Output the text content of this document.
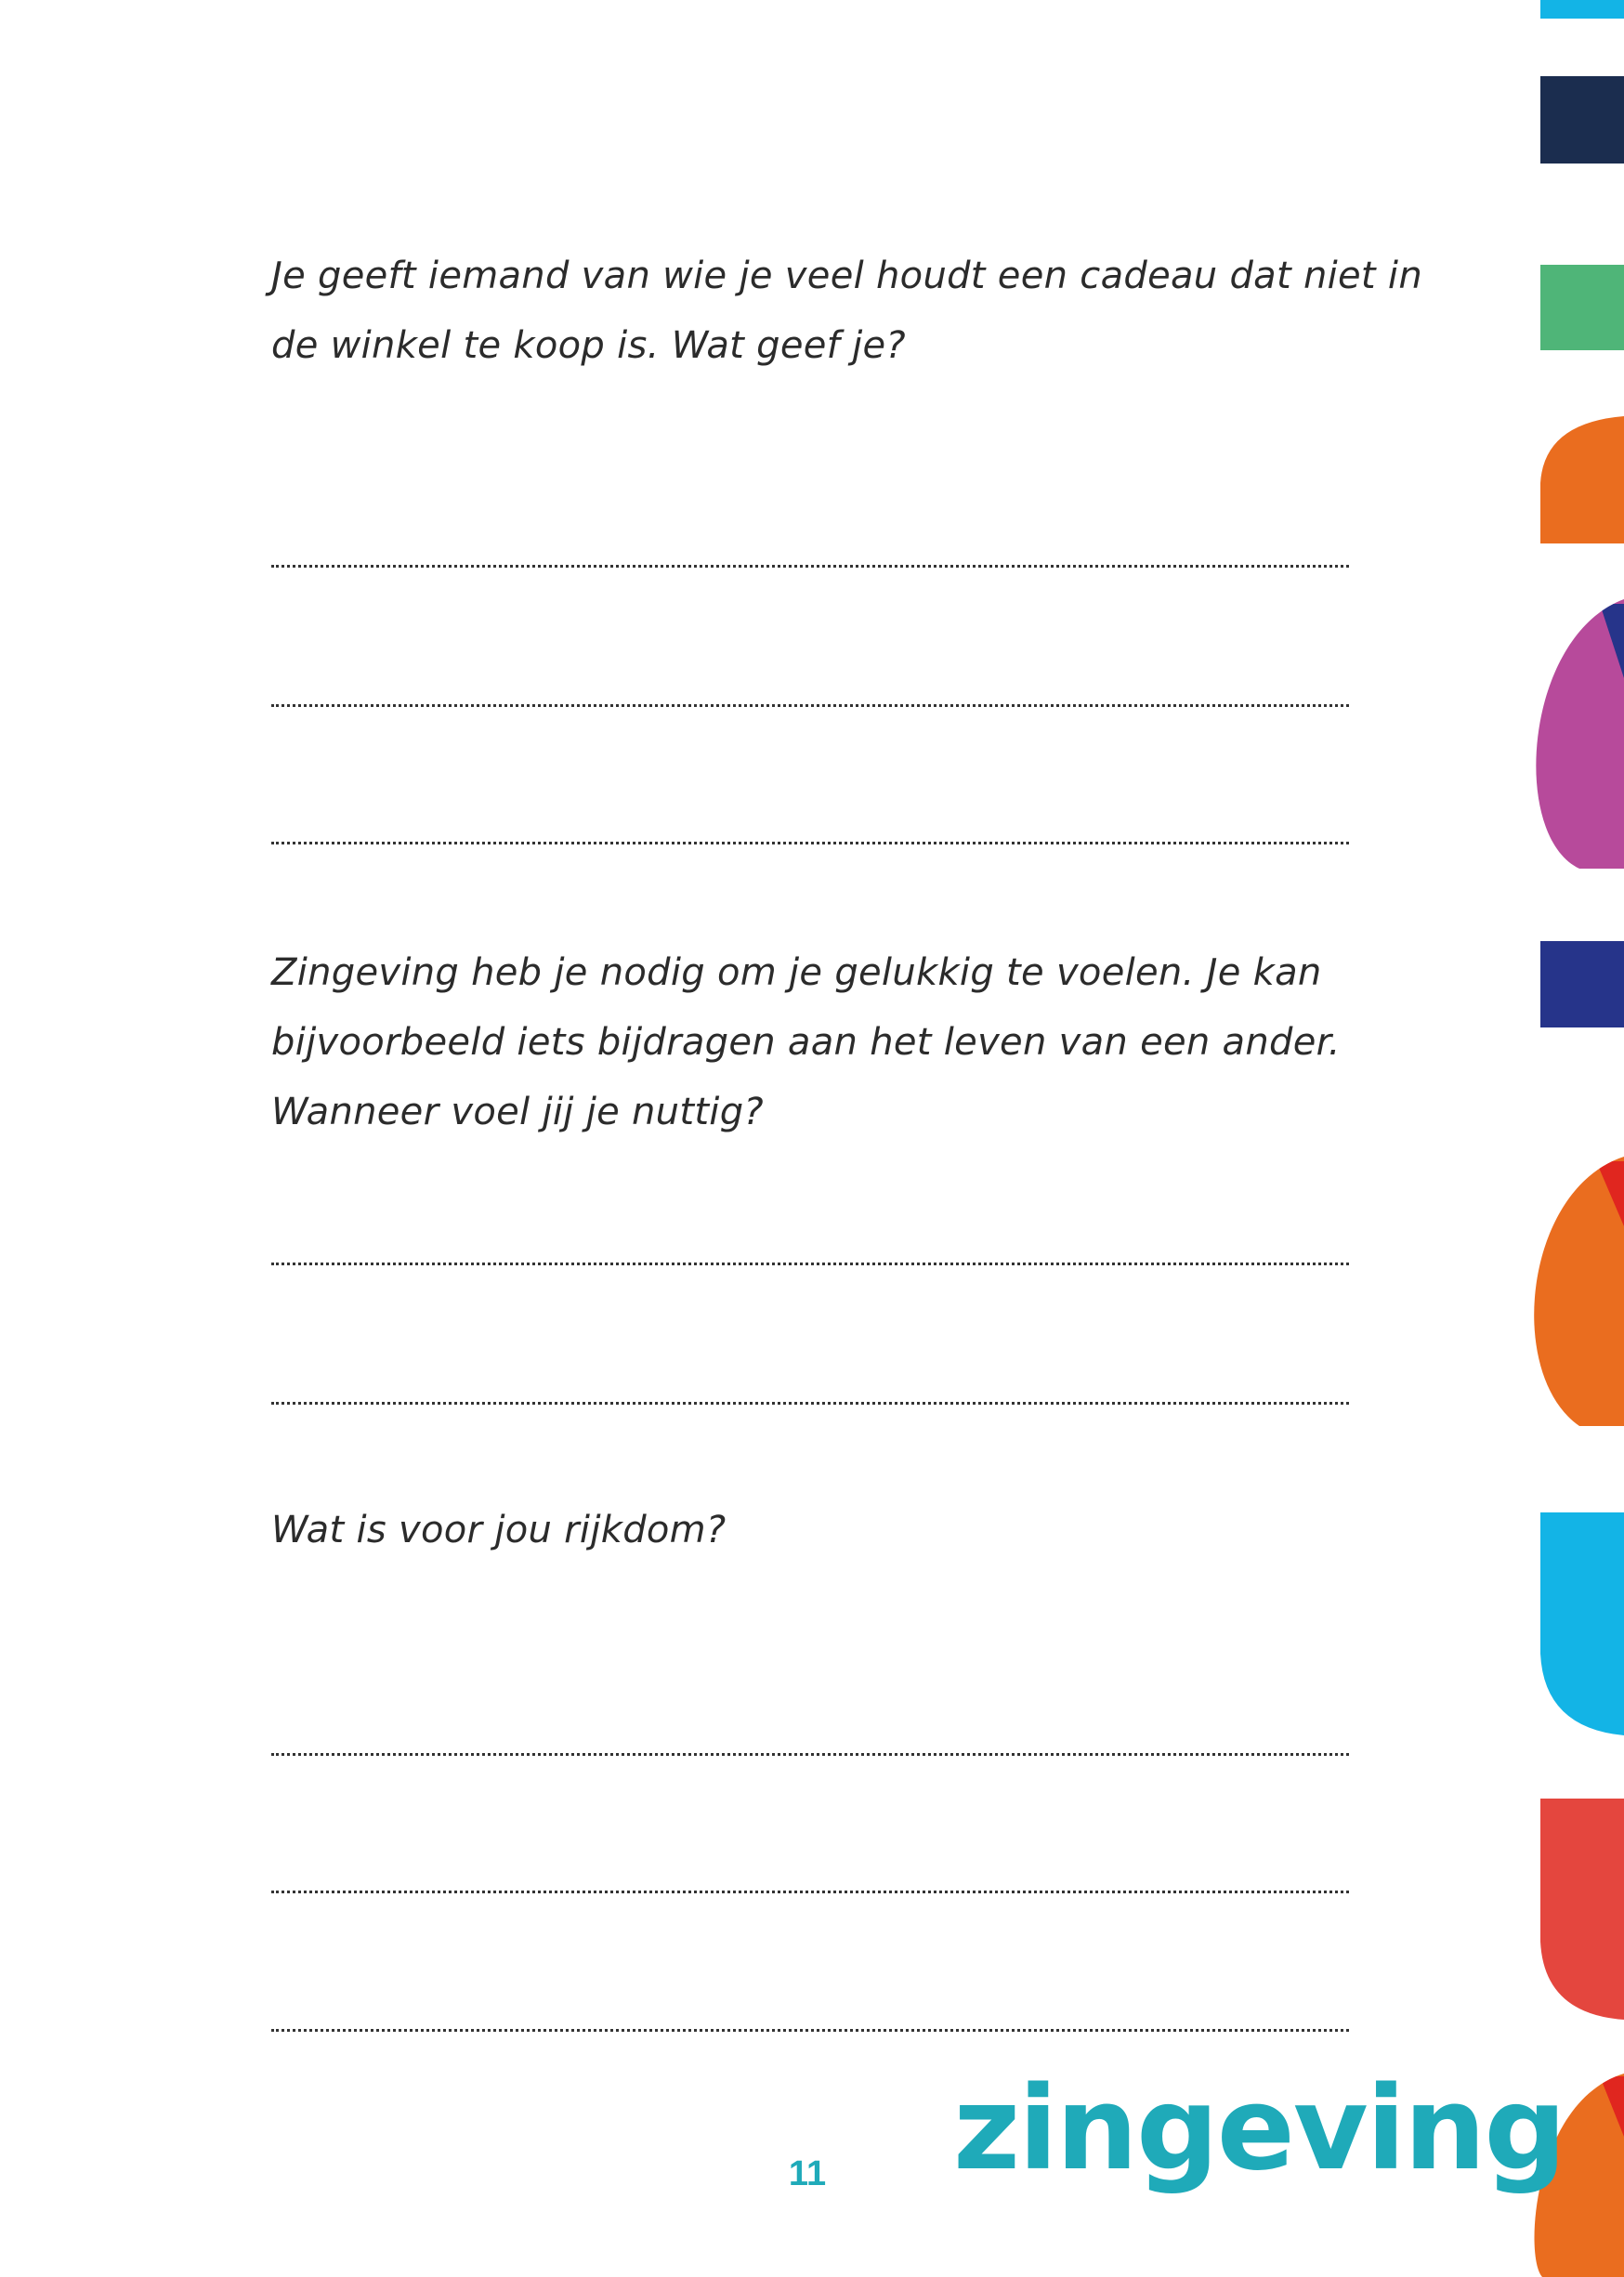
Je geeft iemand van wie je veel houdt een cadeau dat niet in
de winkel te koop is. Wat geef je?
Zingeving heb je nodig om je gelukkig te voelen. Je kan
bijvoorbeeld iets bijdragen aan het leven van een ander.
Wanneer voel jij je nuttig?
Wat is voor jou rijkdom?
11 zingeving
